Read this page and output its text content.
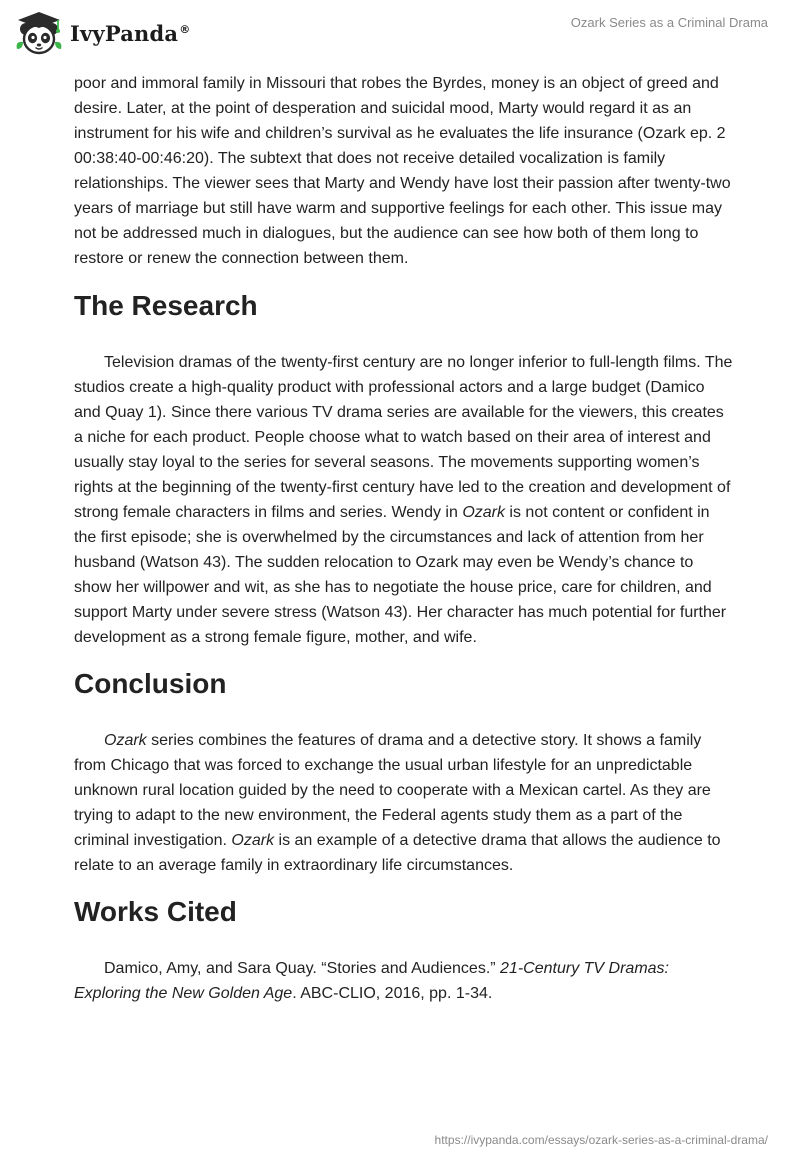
IvyPanda®	Ozark Series as a Criminal Drama

poor and immoral family in Missouri that robes the Byrdes, money is an object of greed and desire. Later, at the point of desperation and suicidal mood, Marty would regard it as an instrument for his wife and children’s survival as he evaluates the life insurance (Ozark ep. 2 00:38:40-00:46:20). The subtext that does not receive detailed vocalization is family relationships. The viewer sees that Marty and Wendy have lost their passion after twenty-two years of marriage but still have warm and supportive feelings for each other. This issue may not be addressed much in dialogues, but the audience can see how both of them long to restore or renew the connection between them.

The Research

Television dramas of the twenty-first century are no longer inferior to full-length films. The studios create a high-quality product with professional actors and a large budget (Damico and Quay 1). Since there various TV drama series are available for the viewers, this creates a niche for each product. People choose what to watch based on their area of interest and usually stay loyal to the series for several seasons. The movements supporting women’s rights at the beginning of the twenty-first century have led to the creation and development of strong female characters in films and series. Wendy in Ozark is not content or confident in the first episode; she is overwhelmed by the circumstances and lack of attention from her husband (Watson 43). The sudden relocation to Ozark may even be Wendy’s chance to show her willpower and wit, as she has to negotiate the house price, care for children, and support Marty under severe stress (Watson 43). Her character has much potential for further development as a strong female figure, mother, and wife.

Conclusion

Ozark series combines the features of drama and a detective story. It shows a family from Chicago that was forced to exchange the usual urban lifestyle for an unpredictable unknown rural location guided by the need to cooperate with a Mexican cartel. As they are trying to adapt to the new environment, the Federal agents study them as a part of the criminal investigation. Ozark is an example of a detective drama that allows the audience to relate to an average family in extraordinary life circumstances.

Works Cited

Damico, Amy, and Sara Quay. “Stories and Audiences.” 21-Century TV Dramas: Exploring the New Golden Age. ABC-CLIO, 2016, pp. 1-34.

https://ivypanda.com/essays/ozark-series-as-a-criminal-drama/
